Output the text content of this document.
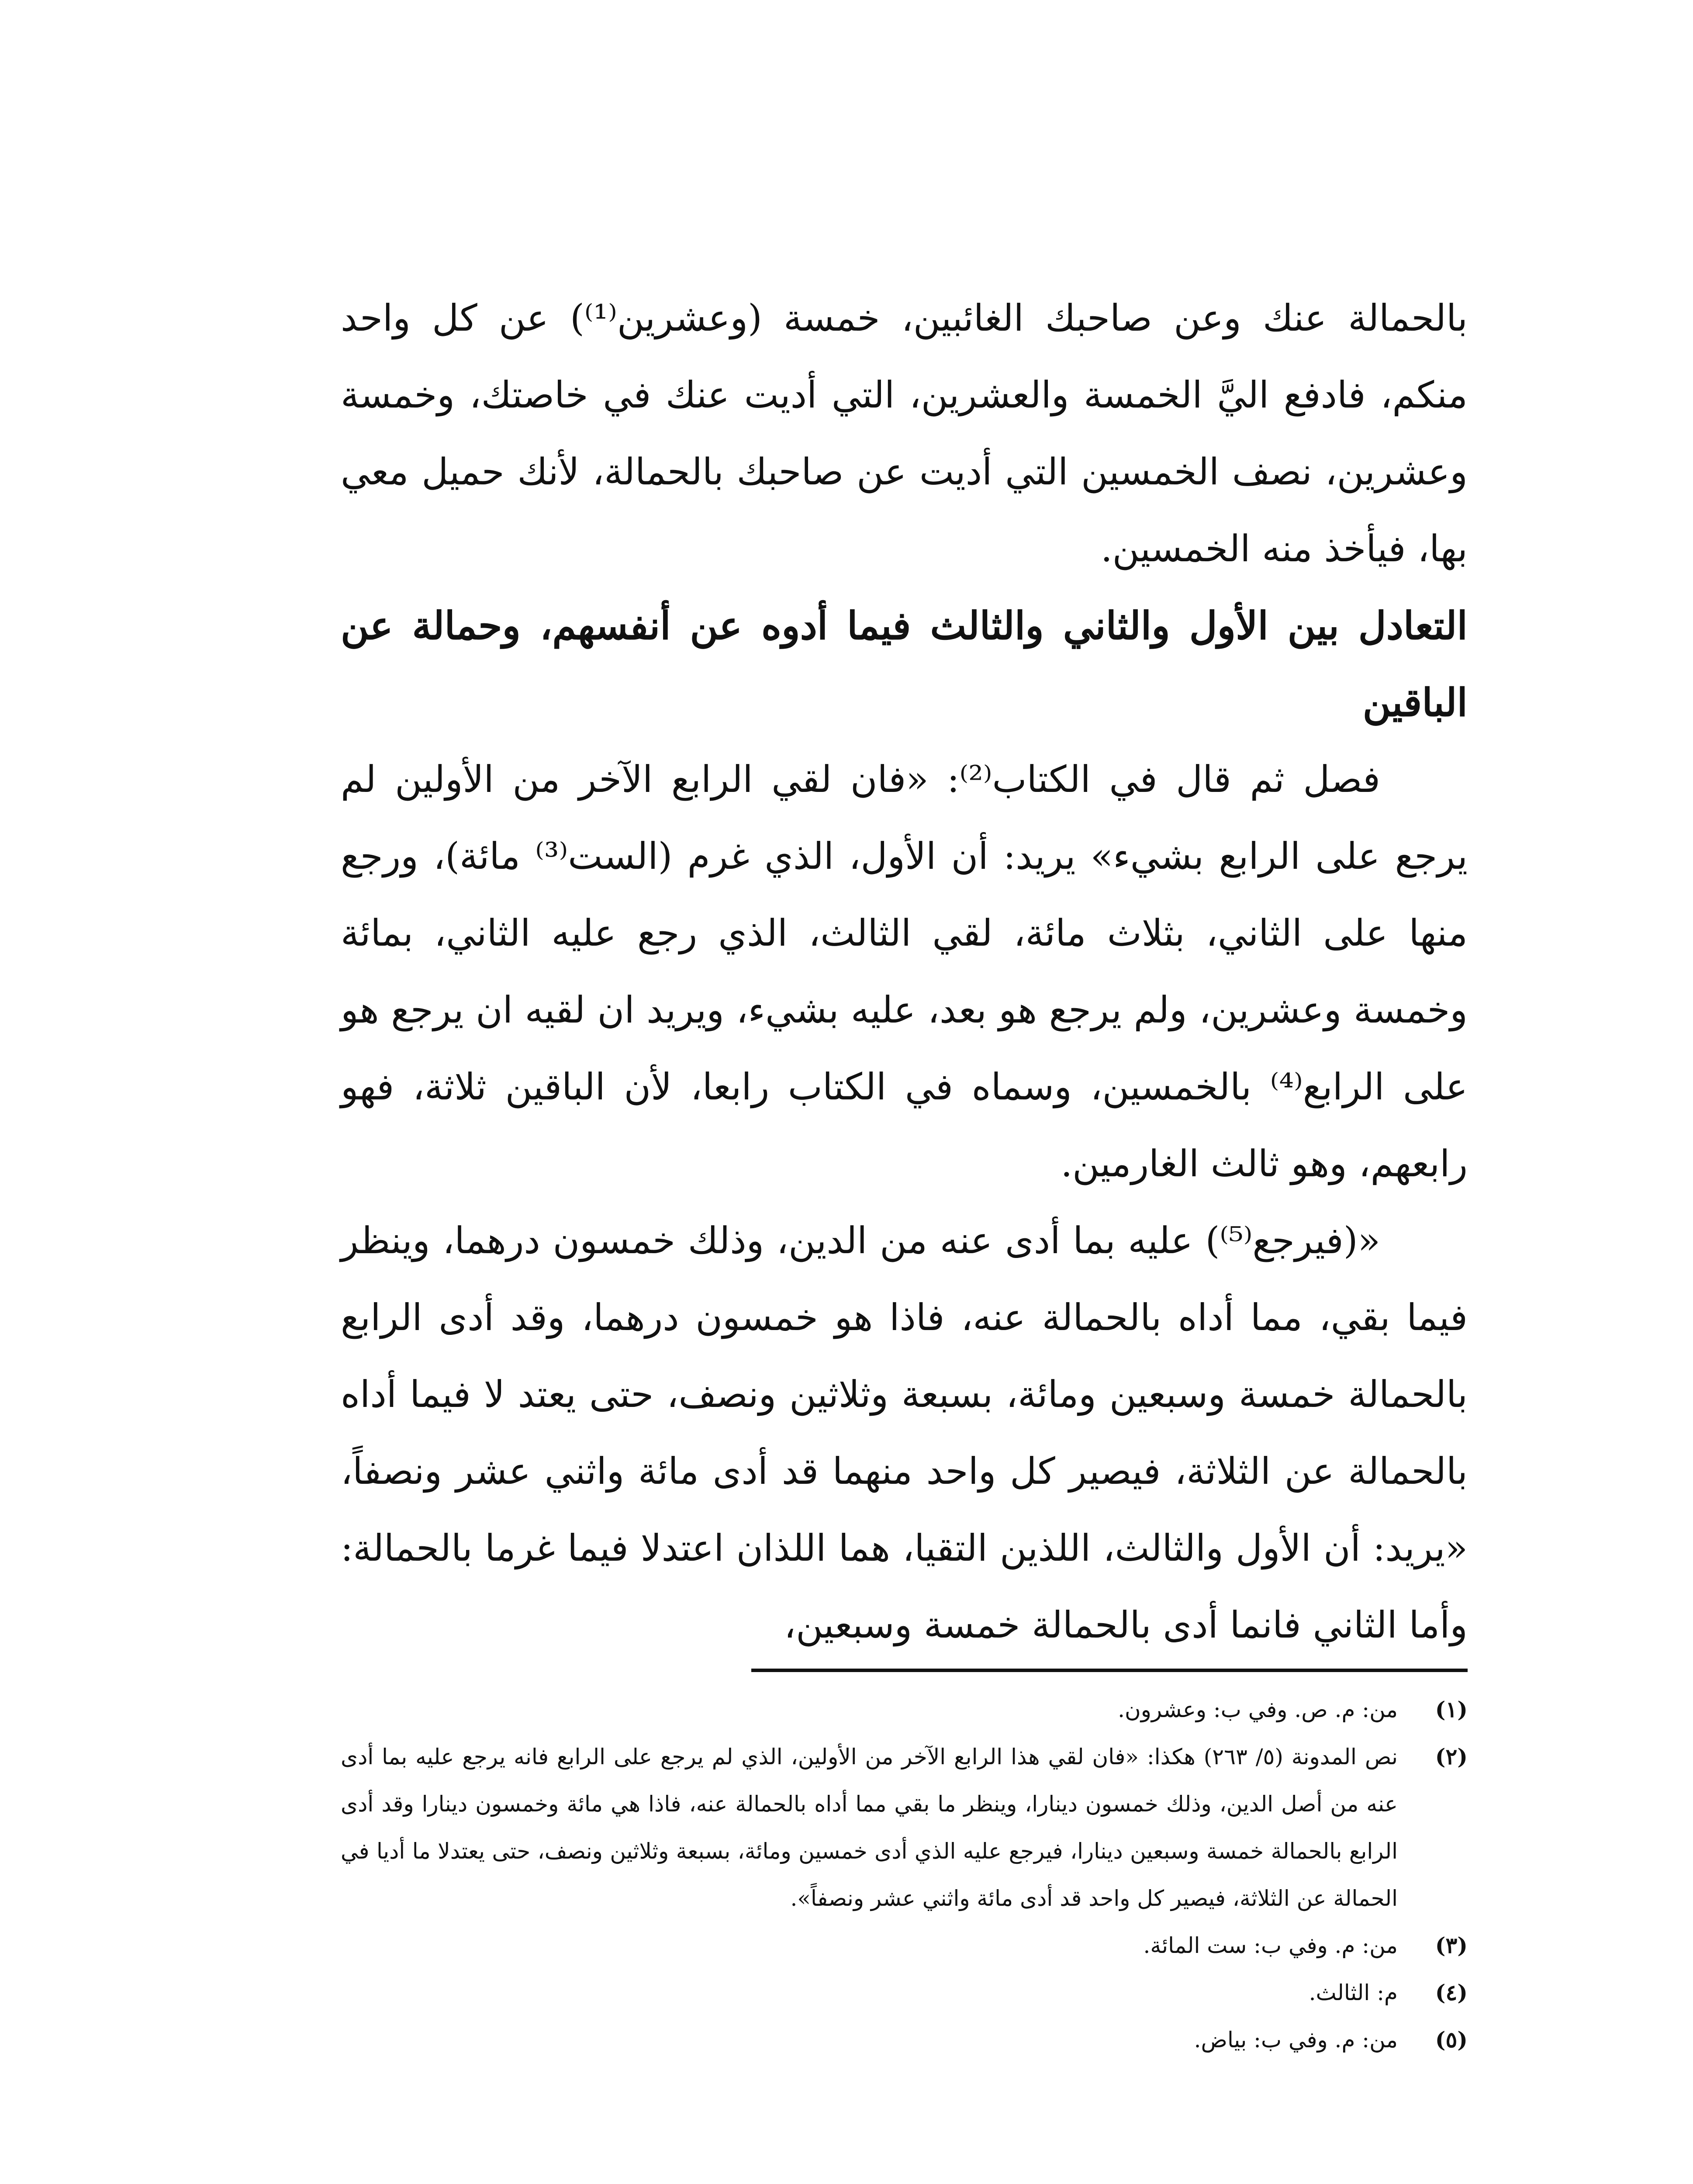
بالحمالة عنك وعن صاحبك الغائبين، خمسة (وعشرين⁽¹⁾) عن كل واحد منكم، فادفع اليَّ الخمسة والعشرين، التي أديت عنك في خاصتك، وخمسة وعشرين، نصف الخمسين التي أديت عن صاحبك بالحمالة، لأنك حميل معي بها، فيأخذ منه الخمسين.

التعادل بين الأول والثاني والثالث فيما أدوه عن أنفسهم، وحمالة عن الباقين

فصل ثم قال في الكتاب⁽²⁾: «فان لقي الرابع الآخر من الأولين لم يرجع على الرابع بشيء» يريد: أن الأول، الذي غرم (الست⁽³⁾ مائة)، ورجع منها على الثاني، بثلاث مائة، لقي الثالث، الذي رجع عليه الثاني، بمائة وخمسة وعشرين، ولم يرجع هو بعد، عليه بشيء، ويريد ان لقيه ان يرجع هو على الرابع⁽⁴⁾ بالخمسين، وسماه في الكتاب رابعا، لأن الباقين ثلاثة، فهو رابعهم، وهو ثالث الغارمين.

«(فيرجع⁽⁵⁾) عليه بما أدى عنه من الدين، وذلك خمسون درهما، وينظر فيما بقي، مما أداه بالحمالة عنه، فاذا هو خمسون درهما، وقد أدى الرابع بالحمالة خمسة وسبعين ومائة، بسبعة وثلاثين ونصف، حتى يعتد لا فيما أداه بالحمالة عن الثلاثة، فيصير كل واحد منهما قد أدى مائة واثني عشر ونصفاً، «يريد: أن الأول والثالث، اللذين التقيا، هما اللذان اعتدلا فيما غرما بالحمالة: وأما الثاني فانما أدى بالحمالة خمسة وسبعين،

(١)
من: م. ص. وفي ب: وعشرون.
(٢)
نص المدونة (٥/ ٢٦٣) هكذا: «فان لقي هذا الرابع الآخر من الأولين، الذي لم يرجع على الرابع فانه يرجع عليه بما أدى عنه من أصل الدين، وذلك خمسون دينارا، وينظر ما بقي مما أداه بالحمالة عنه، فاذا هي مائة وخمسون دينارا وقد أدى الرابع بالحمالة خمسة وسبعين دينارا، فيرجع عليه الذي أدى خمسين ومائة، بسبعة وثلاثين ونصف، حتى يعتدلا ما أديا في الحمالة عن الثلاثة، فيصير كل واحد قد أدى مائة واثني عشر ونصفاً».
(٣)
من: م. وفي ب: ست المائة.
(٤)
م: الثالث.
(٥)
من: م. وفي ب: بياض.
